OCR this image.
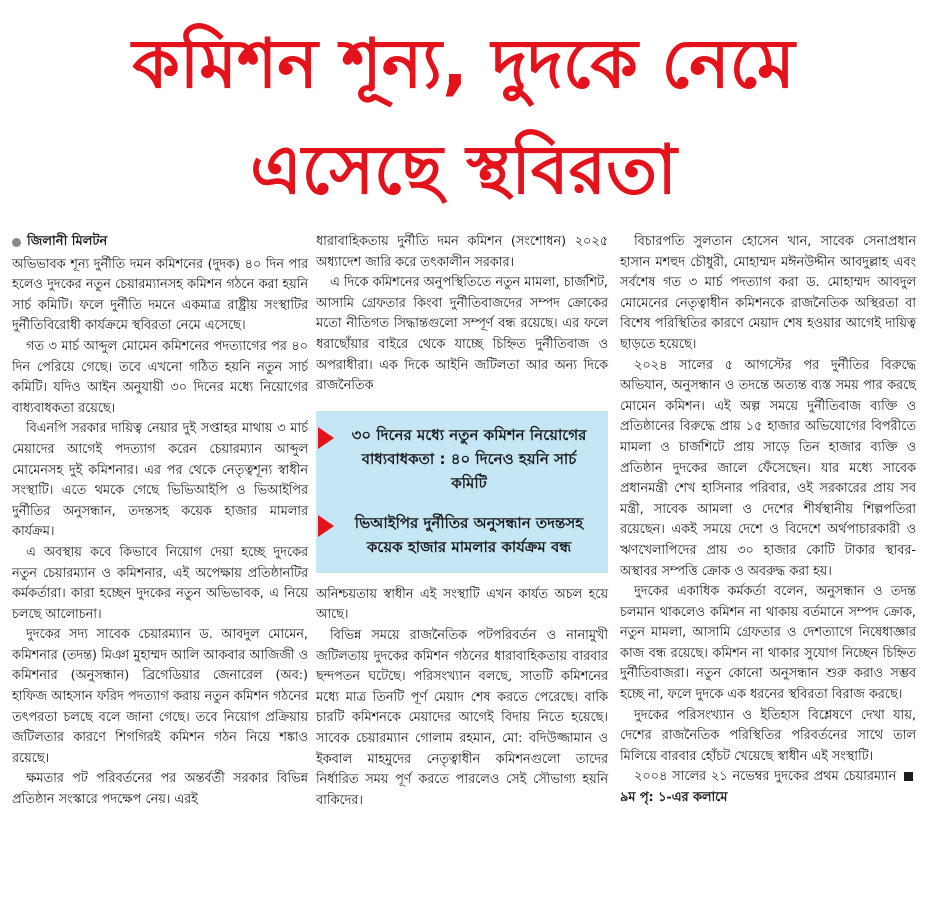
কমিশন শূন্য, দুদকে নেমে
এসেছে স্থবিরতা
জিলানী মিলটন

অভিভাবক শূন্য দুর্নীতি দমন কমিশনের (দুদক) ৪০ দিন পার হলেও দুদকের নতুন চেয়ারম্যানসহ কমিশন গঠনে করা হয়নি সার্চ কমিটি। ফলে দুর্নীতি দমনে একমাত্র রাষ্ট্রীয় সংস্থাটির দুর্নীতিবিরোধী কার্যক্রমে স্থবিরতা নেমে এসেছে।

গত ৩ মার্চ আব্দুল মোমেন কমিশনের পদত্যাগের পর ৪০ দিন পেরিয়ে গেছে। তবে এখনো গঠিত হয়নি নতুন সার্চ কমিটি। যদিও আইন অনুযায়ী ৩০ দিনের মধ্যে নিয়োগের বাধ্যবাধকতা রয়েছে।

বিএনপি সরকার দায়িত্ব নেয়ার দুই সপ্তাহর মাথায় ৩ মার্চ মেয়াদের আগেই পদত্যাগ করেন চেয়ারম্যান আব্দুল মোমেনসহ দুই কমিশনার। এর পর থেকে নেতৃত্বশূন্য স্বাধীন সংস্থাটি। এতে থমকে গেছে ভিভিআইপি ও ভিআইপির দুর্নীতির অনুসন্ধান, তদন্তসহ কয়েক হাজার মামলার কার্যক্রম।

এ অবস্থায় কবে কিভাবে নিয়োগ দেয়া হচ্ছে দুদকের নতুন চেয়ারম্যান ও কমিশনার, এই অপেক্ষায় প্রতিষ্ঠানটির কর্মকর্তারা। কারা হচ্ছেন দুদকের নতুন অভিভাবক, এ নিয়ে চলছে আলোচনা।

দুদকের সদ্য সাবেক চেয়ারম্যান ড. আবদুল মোমেন, কমিশনার (তদন্ত) মিঞা মুহাম্মদ আলি আকবার আজিজী ও কমিশনার (অনুসন্ধান) ব্রিগেডিয়ার জেনারেল (অব:) হাফিজ আহসান ফরিদ পদত্যাগ করায় নতুন কমিশন গঠনের তৎপরতা চলছে বলে জানা গেছে। তবে নিয়োগ প্রক্রিয়ায় জটিলতার কারণে শিগগিরই কমিশন গঠন নিয়ে শঙ্কাও রয়েছে।

ক্ষমতার পট পরিবর্তনের পর অন্তর্বর্তী সরকার বিভিন্ন প্রতিষ্ঠান সংস্কারে পদক্ষেপ নেয়। এরই

ধারাবাহিকতায় দুর্নীতি দমন কমিশন (সংশোধন) ২০২৫ অধ্যাদেশ জারি করে তৎকালীন সরকার।

এ দিকে কমিশনের অনুপস্থিতিতে নতুন মামলা, চার্জশিট, আসামি গ্রেফতার কিংবা দুর্নীতিবাজদের সম্পদ ক্রোকের মতো নীতিগত সিদ্ধান্তগুলো সম্পূর্ণ বন্ধ রয়েছে। এর ফলে ধরাছোঁয়ার বাইরে থেকে যাচ্ছে চিহ্নিত দুর্নীতিবাজ ও অপরাধীরা। এক দিকে আইনি জটিলতা আর অন্য দিকে রাজনৈতিক

৩০ দিনের মধ্যে নতুন কমিশন নিয়োগের বাধ্যবাধকতা : ৪০ দিনেও হয়নি সার্চ কমিটি
ভিআইপির দুর্নীতির অনুসন্ধান তদন্তসহ কয়েক হাজার মামলার কার্যক্রম বন্ধ

অনিশ্চয়তায় স্বাধীন এই সংস্থাটি এখন কার্যত অচল হয়ে আছে।

বিভিন্ন সময়ে রাজনৈতিক পটপরিবর্তন ও নানামুখী জটিলতায় দুদকের কমিশন গঠনের ধারাবাহিকতায় বারবার ছন্দপতন ঘটেছে। পরিসংখ্যান বলছে, সাতটি কমিশনের মধ্যে মাত্র তিনটি পূর্ণ মেয়াদ শেষ করতে পেরেছে। বাকি চারটি কমিশনকে মেয়াদের আগেই বিদায় নিতে হয়েছে। সাবেক চেয়ারম্যান গোলাম রহমান, মো: বদিউজ্জামান ও ইকবাল মাহমুদের নেতৃত্বাধীন কমিশনগুলো তাদের নির্ধারিত সময় পূর্ণ করতে পারলেও সেই সৌভাগ্য হয়নি বাকিদের।

বিচারপতি সুলতান হোসেন খান, সাবেক সেনাপ্রধান হাসান মশহুদ চৌধুরী, মোহাম্মদ মঈনউদ্দীন আবদুল্লাহ এবং সর্বশেষ গত ৩ মার্চ পদত্যাগ করা ড. মোহাম্মদ আবদুল মোমেনের নেতৃত্বাধীন কমিশনকে রাজনৈতিক অস্থিরতা বা বিশেষ পরিস্থিতির কারণে মেয়াদ শেষ হওয়ার আগেই দায়িত্ব ছাড়তে হয়েছে।

২০২৪ সালের ৫ আগস্টের পর দুর্নীতির বিরুদ্ধে অভিযান, অনুসন্ধান ও তদন্তে অত্যন্ত ব্যস্ত সময় পার করছে মোমেন কমিশন। এই অল্প সময়ে দুর্নীতিবাজ ব্যক্তি ও প্রতিষ্ঠানের বিরুদ্ধে প্রায় ১৫ হাজার অভিযোগের বিপরীতে মামলা ও চার্জশিটে প্রায় সাড়ে তিন হাজার ব্যক্তি ও প্রতিষ্ঠান দুদকের জালে ফেঁসেছেন। যার মধ্যে সাবেক প্রধানমন্ত্রী শেখ হাসিনার পরিবার, ওই সরকারের প্রায় সব মন্ত্রী, সাবেক আমলা ও দেশের শীর্ষস্থানীয় শিল্পপতিরা রয়েছেন। একই সময়ে দেশে ও বিদেশে অর্থপাচারকারী ও ঋণখেলাপিদের প্রায় ৩০ হাজার কোটি টাকার স্থাবর-অস্থাবর সম্পত্তি ক্রোক ও অবরুদ্ধ করা হয়।

দুদকের একাধিক কর্মকর্তা বলেন, অনুসন্ধান ও তদন্ত চলমান থাকলেও কমিশন না থাকায় বর্তমানে সম্পদ ক্রোক, নতুন মামলা, আসামি গ্রেফতার ও দেশত্যাগে নিষেধাজ্ঞার কাজ বন্ধ রয়েছে। কমিশন না থাকার সুযোগ নিচ্ছেন চিহ্নিত দুর্নীতিবাজরা। নতুন কোনো অনুসন্ধান শুরু করাও সম্ভব হচ্ছে না, ফলে দুদকে এক ধরনের স্থবিরতা বিরাজ করছে।

দুদকের পরিসংখ্যান ও ইতিহাস বিশ্লেষণে দেখা যায়, দেশের রাজনৈতিক পরিস্থিতির পরিবর্তনের সাথে তাল মিলিয়ে বারবার হোঁচট খেয়েছে স্বাধীন এই সংস্থাটি।

২০০৪ সালের ২১ নভেম্বর দুদকের প্রথম চেয়ারম্যান  ৯ম পৃ: ১-এর কলামে
